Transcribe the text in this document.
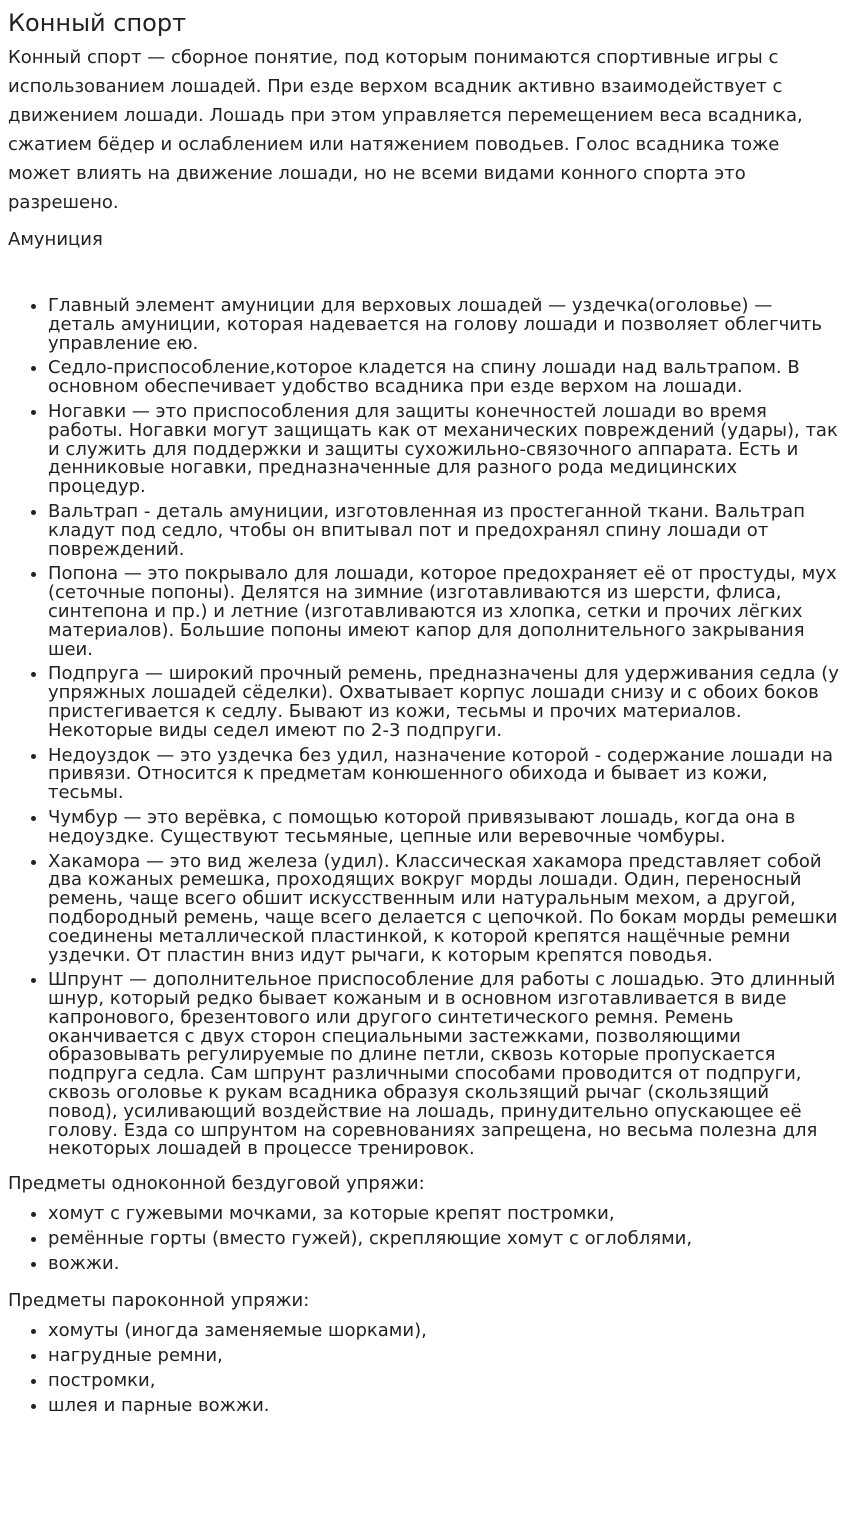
Конный спорт

Конный спорт — сборное понятие, под которым понимаются спортивные игры с использованием лошадей. При езде верхом всадник активно взаимодействует с движением лошади. Лошадь при этом управляется перемещением веса всадника, сжатием бёдер и ослаблением или натяжением поводьев. Голос всадника тоже может влиять на движение лошади, но не всеми видами конного спорта это разрешено.

Амуниция
• Главный элемент амуниции для верховых лошадей — уздечка(оголовье) — деталь амуниции, которая надевается на голову лошади и позволяет облегчить управление ею.
• Седло-приспособление,которое кладется на спину лошади над вальтрапом. В основном обеспечивает удобство всадника при езде верхом на лошади.
• Ногавки — это приспособления для защиты конечностей лошади во время работы. Ногавки могут защищать как от механических повреждений (удары), так и служить для поддержки и защиты сухожильно-связочного аппарата. Есть и денниковые ногавки, предназначенные для разного рода медицинских процедур.
• Вальтрап - деталь амуниции, изготовленная из простеганной ткани. Вальтрап кладут под седло, чтобы он впитывал пот и предохранял спину лошади от повреждений.
• Попона — это покрывало для лошади, которое предохраняет её от простуды, мух (сеточные попоны). Делятся на зимние (изготавливаются из шерсти, флиса, синтепона и пр.) и летние (изготавливаются из хлопка, сетки и прочих лёгких материалов). Большие попоны имеют капор для дополнительного закрывания шеи.
• Подпруга — широкий прочный ремень, предназначены для удерживания седла (у упряжных лошадей сёделки). Охватывает корпус лошади снизу и с обоих боков пристегивается к седлу. Бывают из кожи, тесьмы и прочих материалов. Некоторые виды седел имеют по 2-3 подпруги.
• Недоуздок — это уздечка без удил, назначение которой - содержание лошади на привязи. Относится к предметам конюшенного обихода и бывает из кожи, тесьмы.
• Чумбур — это верёвка, с помощью которой привязывают лошадь, когда она в недоуздке. Существуют тесьмяные, цепные или веревочные чомбуры.
• Хакамора — это вид железа (удил). Классическая хакамора представляет собой два кожаных ремешка, проходящих вокруг морды лошади. Один, переносный ремень, чаще всего обшит искусственным или натуральным мехом, а другой, подбородный ремень, чаще всего делается с цепочкой. По бокам морды ремешки соединены металлической пластинкой, к которой крепятся нащёчные ремни уздечки. От пластин вниз идут рычаги, к которым крепятся поводья.
• Шпрунт — дополнительное приспособление для работы с лошадью. Это длинный шнур, который редко бывает кожаным и в основном изготавливается в виде капронового, брезентового или другого синтетического ремня. Ремень оканчивается с двух сторон специальными застежками, позволяющими образовывать регулируемые по длине петли, сквозь которые пропускается подпруга седла. Сам шпрунт различными способами проводится от подпруги, сквозь оголовье к рукам всадника образуя скользящий рычаг (скользящий повод), усиливающий воздействие на лошадь, принудительно опускающее её голову. Езда со шпрунтом на соревнованиях запрещена, но весьма полезна для некоторых лошадей в процессе тренировок.
Предметы одноконной бездуговой упряжи:
• хомут с гужевыми мочками, за которые крепят постромки,
• ремённые горты (вместо гужей), скрепляющие хомут с оглоблями,
• вожжи.
Предметы пароконной упряжи:
• хомуты (иногда заменяемые шорками),
• нагрудные ремни,
• постромки,
• шлея и парные вожжи.
